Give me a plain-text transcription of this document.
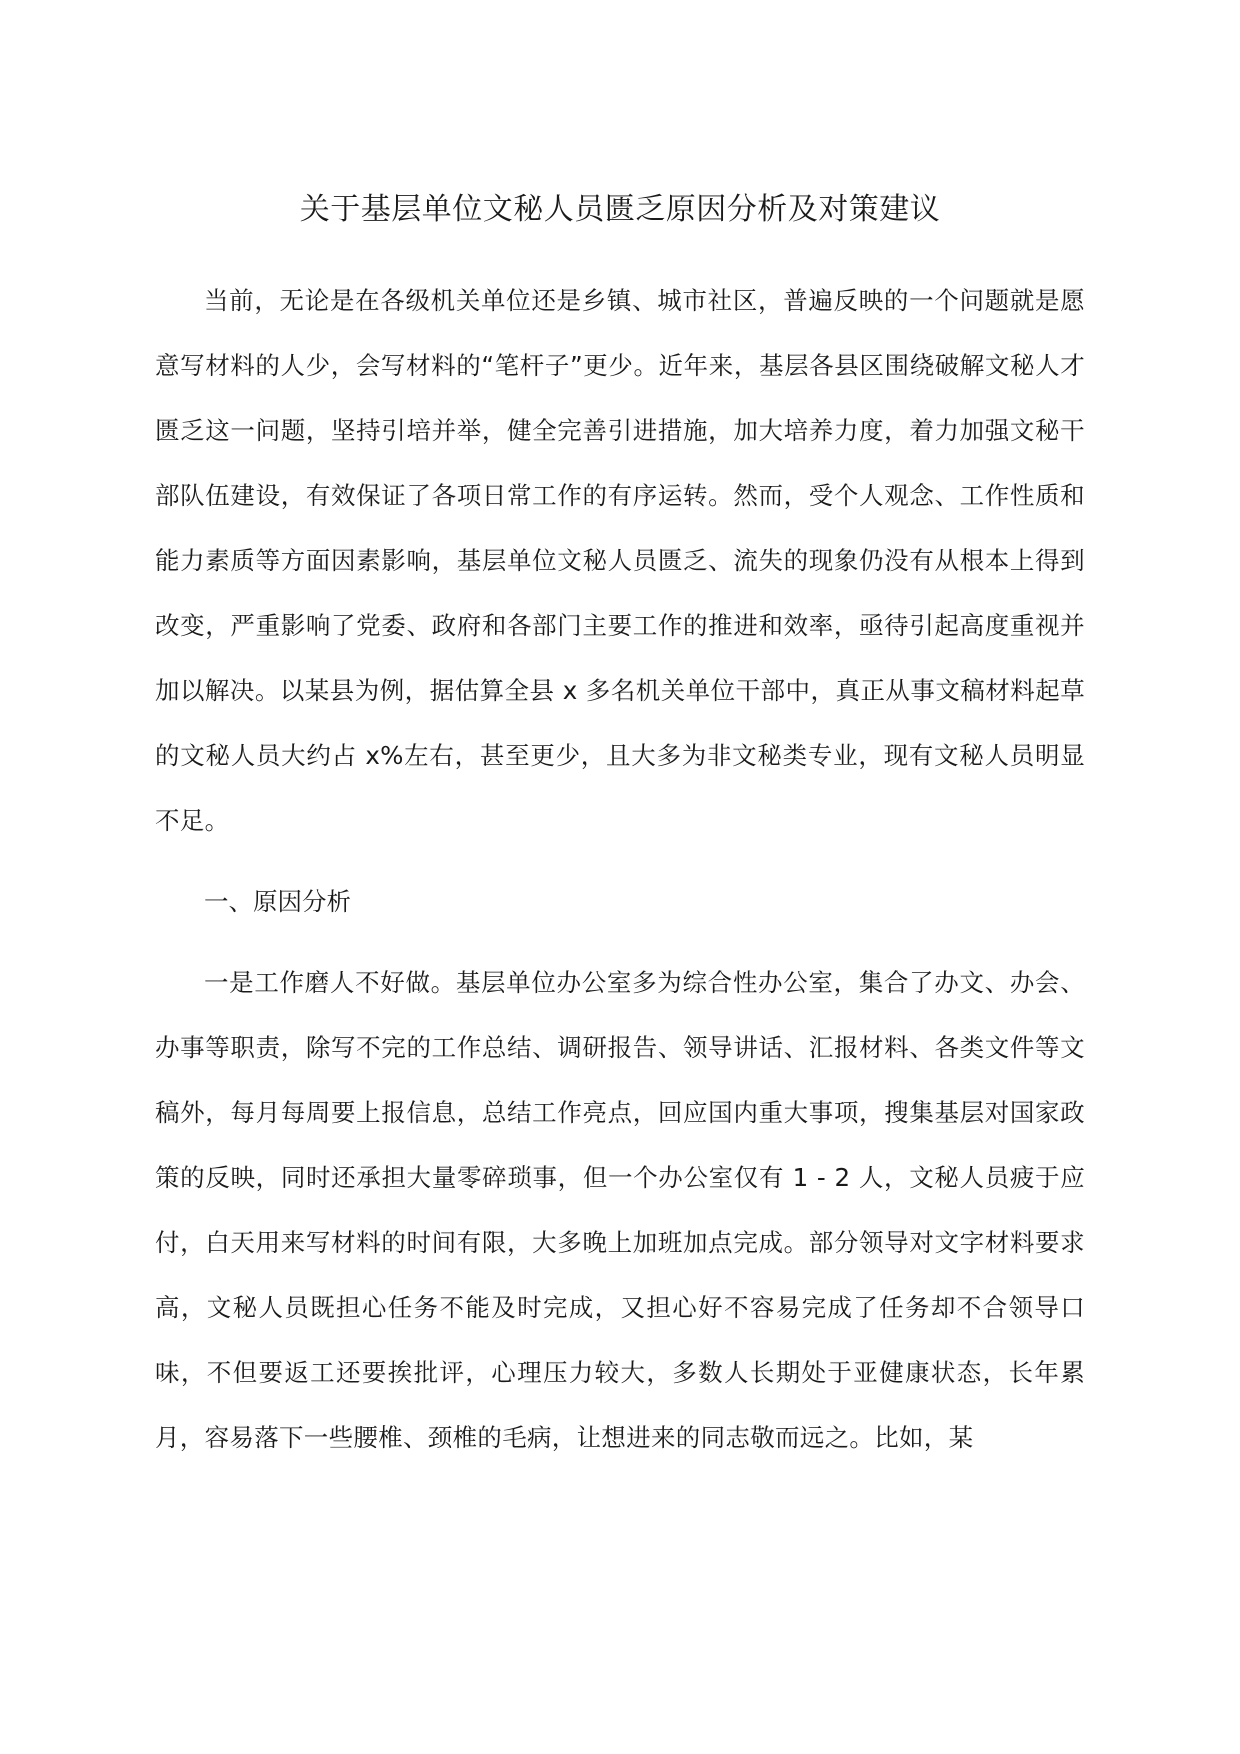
关于基层单位文秘人员匮乏原因分析及对策建议

当前，无论是在各级机关单位还是乡镇、城市社区，普遍反映的一个问题就是愿意写材料的人少，会写材料的“笔杆子”更少。近年来，基层各县区围绕破解文秘人才匮乏这一问题，坚持引培并举，健全完善引进措施，加大培养力度，着力加强文秘干部队伍建设，有效保证了各项日常工作的有序运转。然而，受个人观念、工作性质和能力素质等方面因素影响，基层单位文秘人员匮乏、流失的现象仍没有从根本上得到改变，严重影响了党委、政府和各部门主要工作的推进和效率，亟待引起高度重视并加以解决。以某县为例，据估算全县 x 多名机关单位干部中，真正从事文稿材料起草的文秘人员大约占 x%左右，甚至更少，且大多为非文秘类专业，现有文秘人员明显不足。

一、原因分析

一是工作磨人不好做。基层单位办公室多为综合性办公室，集合了办文、办会、办事等职责，除写不完的工作总结、调研报告、领导讲话、汇报材料、各类文件等文稿外，每月每周要上报信息，总结工作亮点，回应国内重大事项，搜集基层对国家政策的反映，同时还承担大量零碎琐事，但一个办公室仅有 1 - 2 人，文秘人员疲于应付，白天用来写材料的时间有限，大多晚上加班加点完成。部分领导对文字材料要求高，文秘人员既担心任务不能及时完成，又担心好不容易完成了任务却不合领导口味，不但要返工还要挨批评，心理压力较大，多数人长期处于亚健康状态，长年累月，容易落下一些腰椎、颈椎的毛病，让想进来的同志敬而远之。比如，某
